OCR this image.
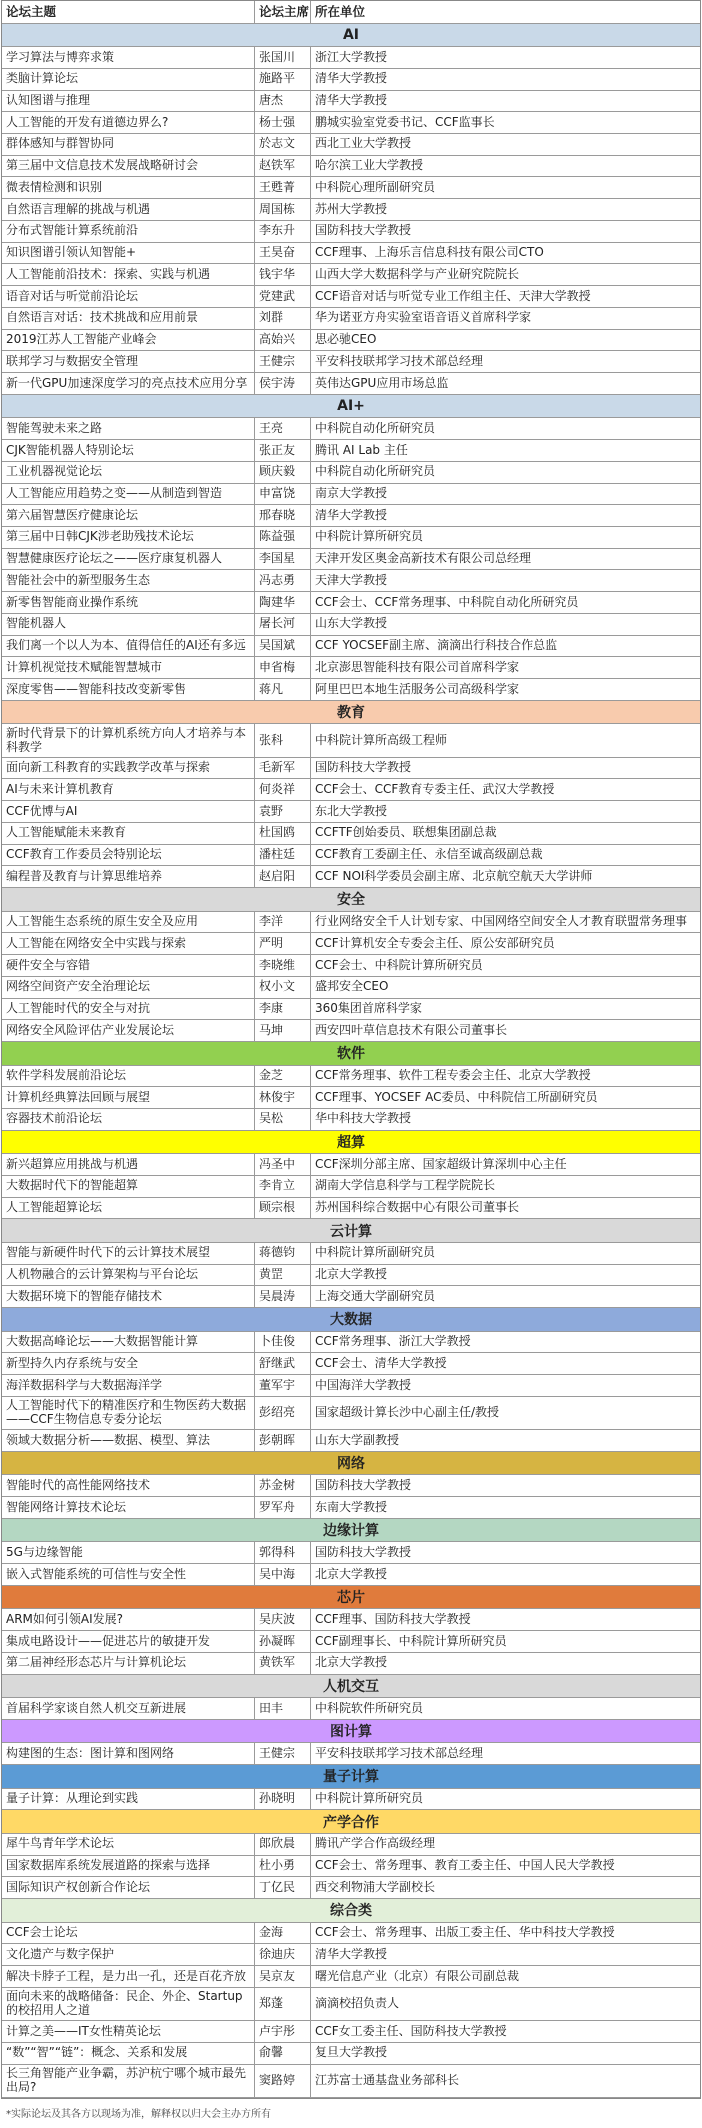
论坛主题	论坛主席 所在单位
AI
学习算法与博弈求策	张国川	浙江大学教授
类脑计算论坛	施路平	清华大学教授
认知图谱与推理	唐杰	清华大学教授
人工智能的开发有道德边界么?	杨士强	鹏城实验室党委书记、CCF监事长
群体感知与群智协同	於志文	西北工业大学教授
第三届中文信息技术发展战略研讨会	赵铁军	哈尔滨工业大学教授
微表情检测和识别	王甦菁	中科院心理所副研究员
自然语言理解的挑战与机遇	周国栋	苏州大学教授
分布式智能计算系统前沿	李东升	国防科技大学教授
知识图谱引领认知智能+	王昊奋	CCF理事、上海乐言信息科技有限公司CTO
人工智能前沿技术：探索、实践与机遇	钱宇华	山西大学大数据科学与产业研究院院长
语音对话与听觉前沿论坛	党建武	CCF语音对话与听觉专业工作组主任、天津大学教授
自然语言对话：技术挑战和应用前景	刘群	华为诺亚方舟实验室语音语义首席科学家
2019江苏人工智能产业峰会	高始兴	思必驰CEO
联邦学习与数据安全管理	王健宗	平安科技联邦学习技术部总经理
新一代GPU加速深度学习的亮点技术应用分享 侯宇涛	英伟达GPU应用市场总监
AI+
智能驾驶未来之路	王亮	中科院自动化所研究员
CJK智能机器人特别论坛	张正友	腾讯 AI Lab 主任
工业机器视觉论坛	顾庆毅	中科院自动化所研究员
人工智能应用趋势之变——从制造到智造	申富饶	南京大学教授
第六届智慧医疗健康论坛	邢春晓	清华大学教授
第三届中日韩CJK涉老助残技术论坛	陈益强	中科院计算所研究员
智慧健康医疗论坛之——医疗康复机器人	李国星	天津开发区奥金高新技术有限公司总经理
智能社会中的新型服务生态	冯志勇	天津大学教授
新零售智能商业操作系统	陶建华	CCF会士、CCF常务理事、中科院自动化所研究员
智能机器人	屠长河	山东大学教授
我们离一个以人为本、值得信任的AI还有多远	吴国斌	CCF YOCSEF副主席、滴滴出行科技合作总监
计算机视觉技术赋能智慧城市	申省梅	北京澎思智能科技有限公司首席科学家
深度零售——智能科技改变新零售	蒋凡	阿里巴巴本地生活服务公司高级科学家
教育
新时代背景下的计算机系统方向人才培养与本科教学	张科	中科院计算所高级工程师
面向新工科教育的实践教学改革与探索	毛新军	国防科技大学教授
AI与未来计算机教育	何炎祥	CCF会士、CCF教育专委主任、武汉大学教授
CCF优博与AI	袁野	东北大学教授
人工智能赋能未来教育	杜国鸥	CCFTF创始委员、联想集团副总裁
CCF教育工作委员会特别论坛	潘柱廷	CCF教育工委副主任、永信至诚高级副总裁
编程普及教育与计算思维培养	赵启阳	CCF NOI科学委员会副主席、北京航空航天大学讲师
安全
人工智能生态系统的原生安全及应用	李洋	行业网络安全千人计划专家、中国网络空间安全人才教育联盟常务理事
人工智能在网络安全中实践与探索	严明	CCF计算机安全专委会主任、原公安部研究员
硬件安全与容错	李晓维	CCF会士、中科院计算所研究员
网络空间资产安全治理论坛	权小文	盛邦安全CEO
人工智能时代的安全与对抗	李康	360集团首席科学家
网络安全风险评估产业发展论坛	马坤	西安四叶草信息技术有限公司董事长
软件
软件学科发展前沿论坛	金芝	CCF常务理事、软件工程专委会主任、北京大学教授
计算机经典算法回顾与展望	林俊宇	CCF理事、YOCSEF AC委员、中科院信工所副研究员
容器技术前沿论坛	吴松	华中科技大学教授
超算
新兴超算应用挑战与机遇	冯圣中	CCF深圳分部主席、国家超级计算深圳中心主任
大数据时代下的智能超算	李肯立	湖南大学信息科学与工程学院院长
人工智能超算论坛	顾宗根	苏州国科综合数据中心有限公司董事长
云计算
智能与新硬件时代下的云计算技术展望	蒋德钧	中科院计算所副研究员
人机物融合的云计算架构与平台论坛	黄罡	北京大学教授
大数据环境下的智能存储技术	吴晨涛	上海交通大学副研究员
大数据
大数据高峰论坛——大数据智能计算	卜佳俊	CCF常务理事、浙江大学教授
新型持久内存系统与安全	舒继武	CCF会士、清华大学教授
海洋数据科学与大数据海洋学	董军宇	中国海洋大学教授
人工智能时代下的精准医疗和生物医药大数据——CCF生物信息专委分论坛	彭绍亮	国家超级计算长沙中心副主任/教授
领域大数据分析——数据、模型、算法	彭朝晖	山东大学副教授
网络
智能时代的高性能网络技术	苏金树	国防科技大学教授
智能网络计算技术论坛	罗军舟	东南大学教授
边缘计算
5G与边缘智能	郭得科	国防科技大学教授
嵌入式智能系统的可信性与安全性	吴中海	北京大学教授
芯片
ARM如何引领AI发展?	吴庆波	CCF理事、国防科技大学教授
集成电路设计——促进芯片的敏捷开发	孙凝晖	CCF副理事长、中科院计算所研究员
第二届神经形态芯片与计算机论坛	黄铁军	北京大学教授
人机交互
首届科学家谈自然人机交互新进展	田丰	中科院软件所研究员
图计算
构建图的生态：图计算和图网络	王健宗	平安科技联邦学习技术部总经理
量子计算
量子计算：从理论到实践	孙晓明	中科院计算所研究员
产学合作
犀牛鸟青年学术论坛	郎欣晨	腾讯产学合作高级经理
国家数据库系统发展道路的探索与选择	杜小勇	CCF会士、常务理事、教育工委主任、中国人民大学教授
国际知识产权创新合作论坛	丁亿民	西交利物浦大学副校长
综合类
CCF会士论坛	金海	CCF会士、常务理事、出版工委主任、华中科技大学教授
文化遗产与数字保护	徐迪庆	清华大学教授
解决卡脖子工程，是力出一孔，还是百花齐放	吴京友	曙光信息产业（北京）有限公司副总裁
面向未来的战略储备：民企、外企、Startup的校招用人之道	郑蓬	滴滴校招负责人
计算之美——IT女性精英论坛	卢宇彤	CCF女工委主任、国防科技大学教授
“数”“智”“链”：概念、关系和发展	俞馨	复旦大学教授
长三角智能产业争霸，苏沪杭宁哪个城市最先出局?	窦路婷	江苏富士通基盘业务部科长
*实际论坛及其各方以现场为准，解释权以归大会主办方所有
